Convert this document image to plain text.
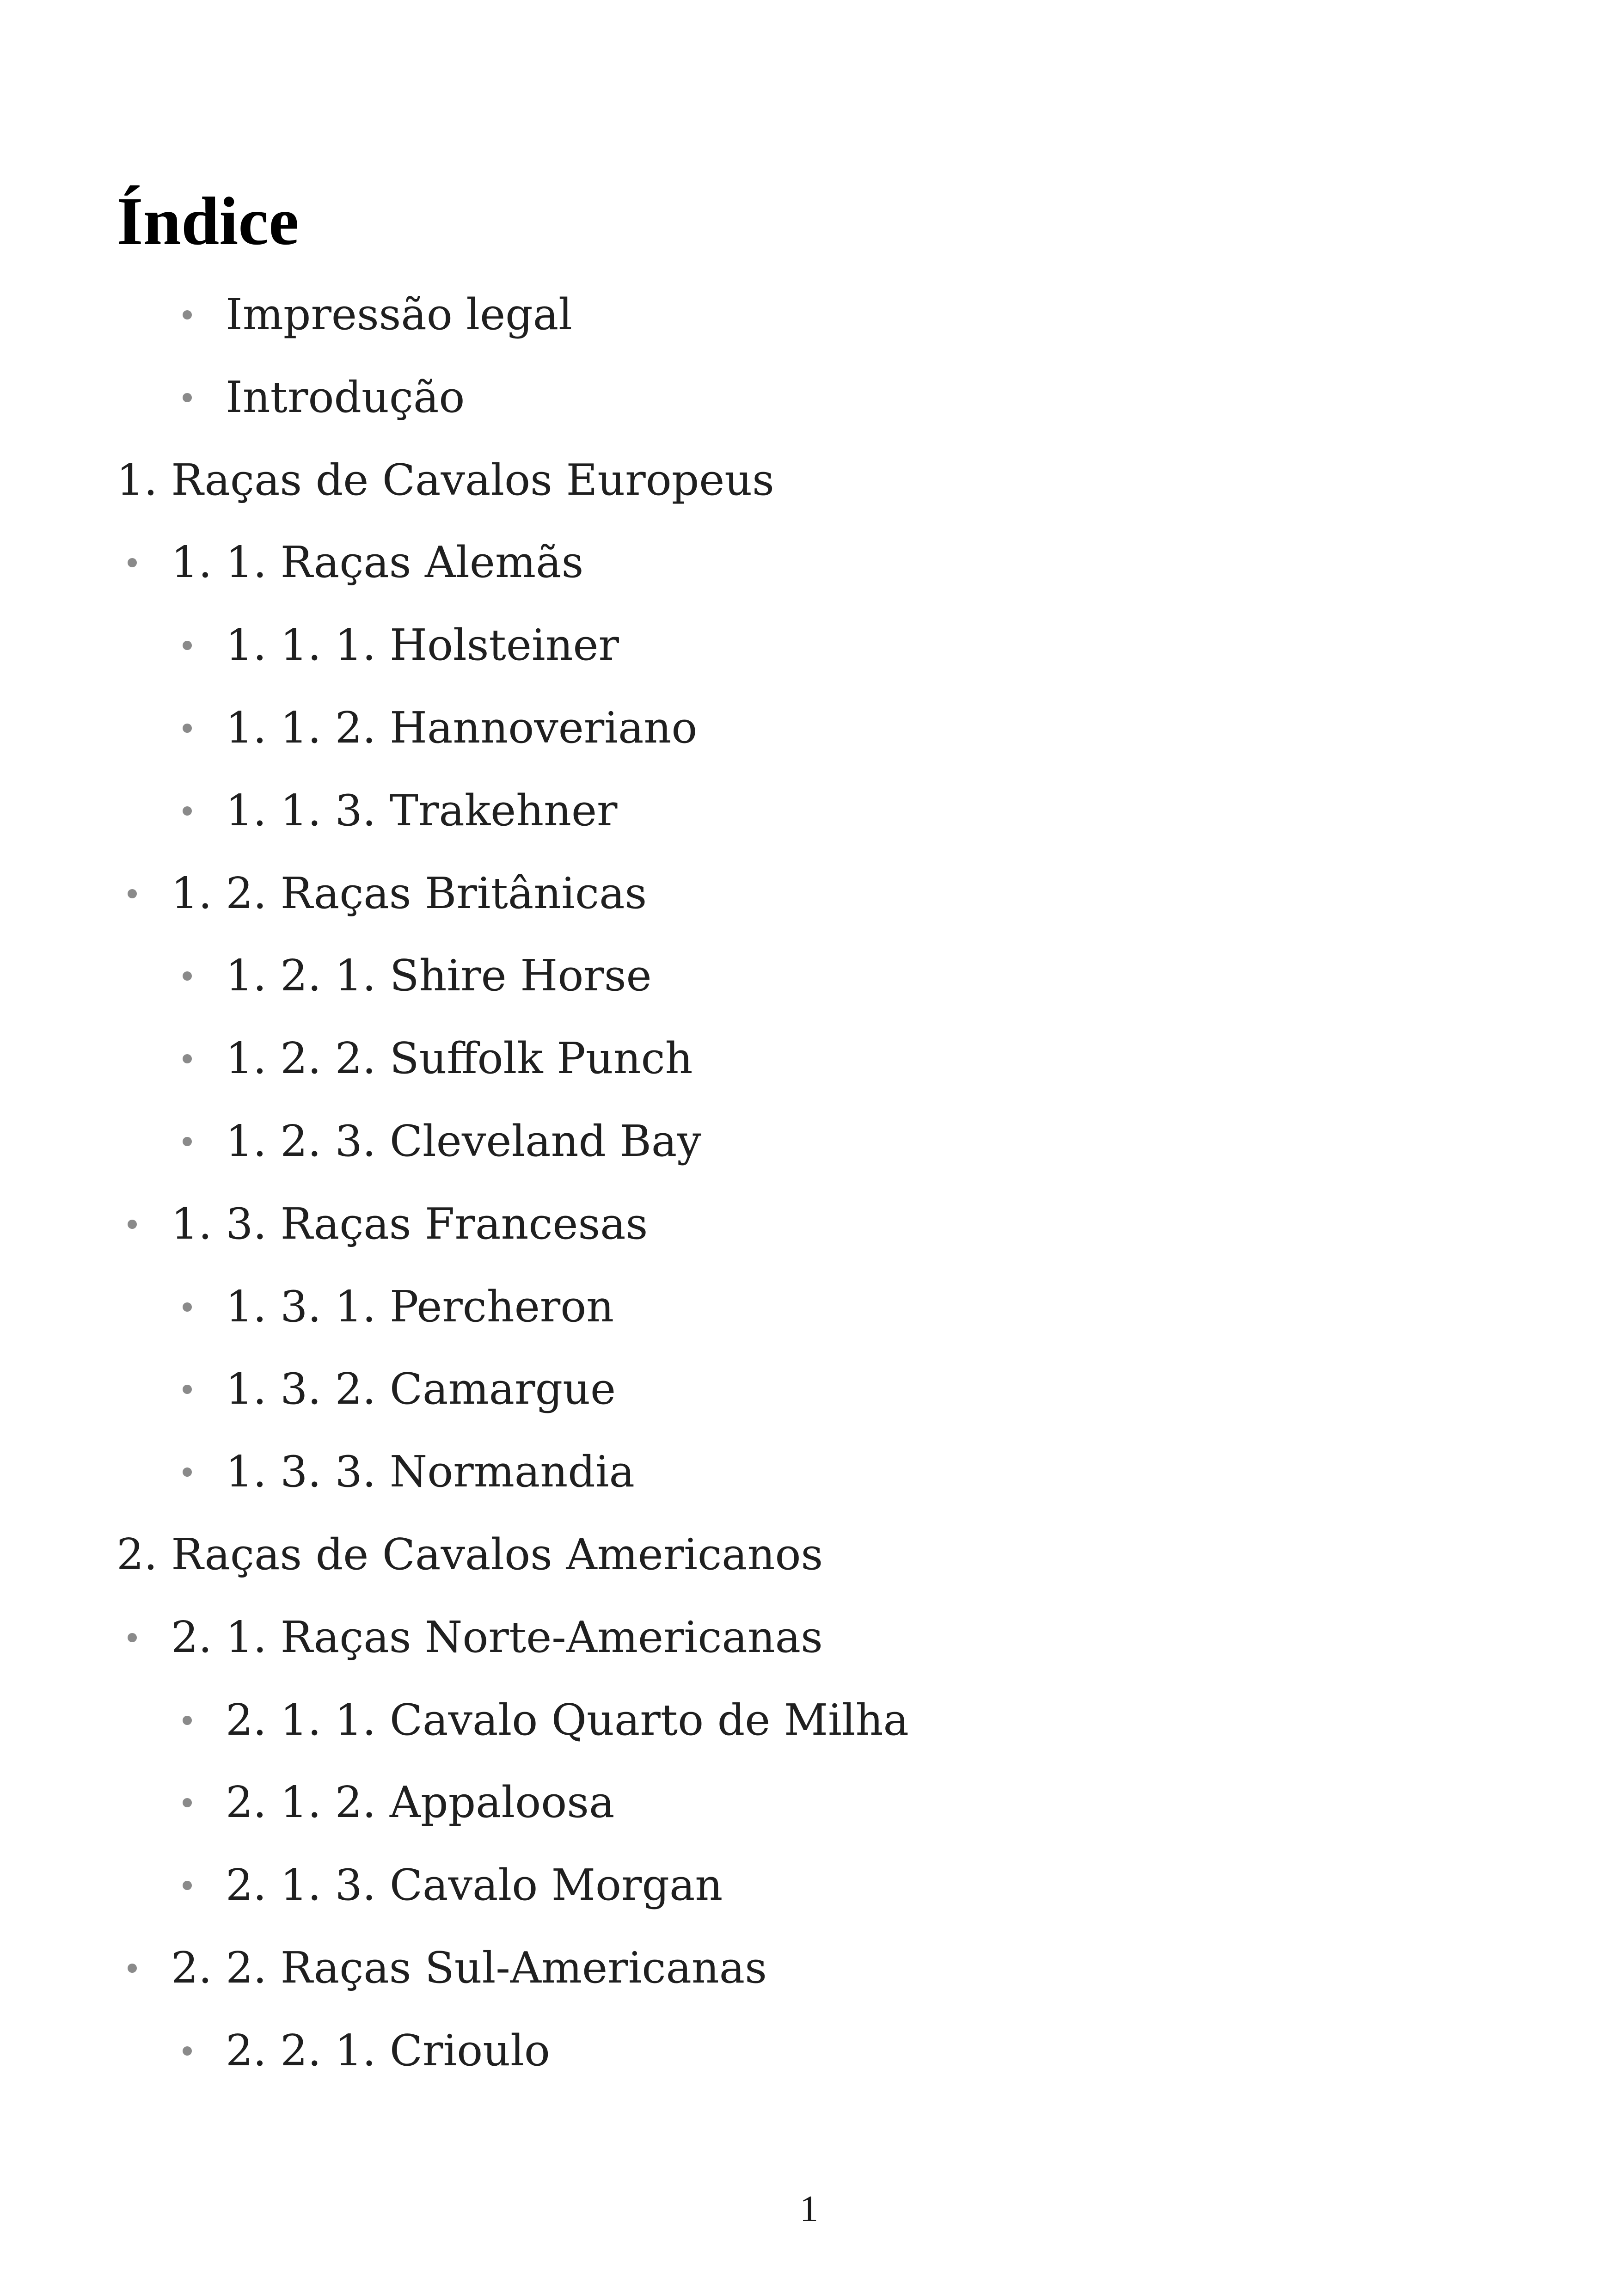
Índice
Impressão legal
Introdução
1. Raças de Cavalos Europeus
1. 1. Raças Alemãs
1. 1. 1. Holsteiner
1. 1. 2. Hannoveriano
1. 1. 3. Trakehner
1. 2. Raças Britânicas
1. 2. 1. Shire Horse
1. 2. 2. Suffolk Punch
1. 2. 3. Cleveland Bay
1. 3. Raças Francesas
1. 3. 1. Percheron
1. 3. 2. Camargue
1. 3. 3. Normandia
2. Raças de Cavalos Americanos
2. 1. Raças Norte-Americanas
2. 1. 1. Cavalo Quarto de Milha
2. 1. 2. Appaloosa
2. 1. 3. Cavalo Morgan
2. 2. Raças Sul-Americanas
2. 2. 1. Crioulo
1
